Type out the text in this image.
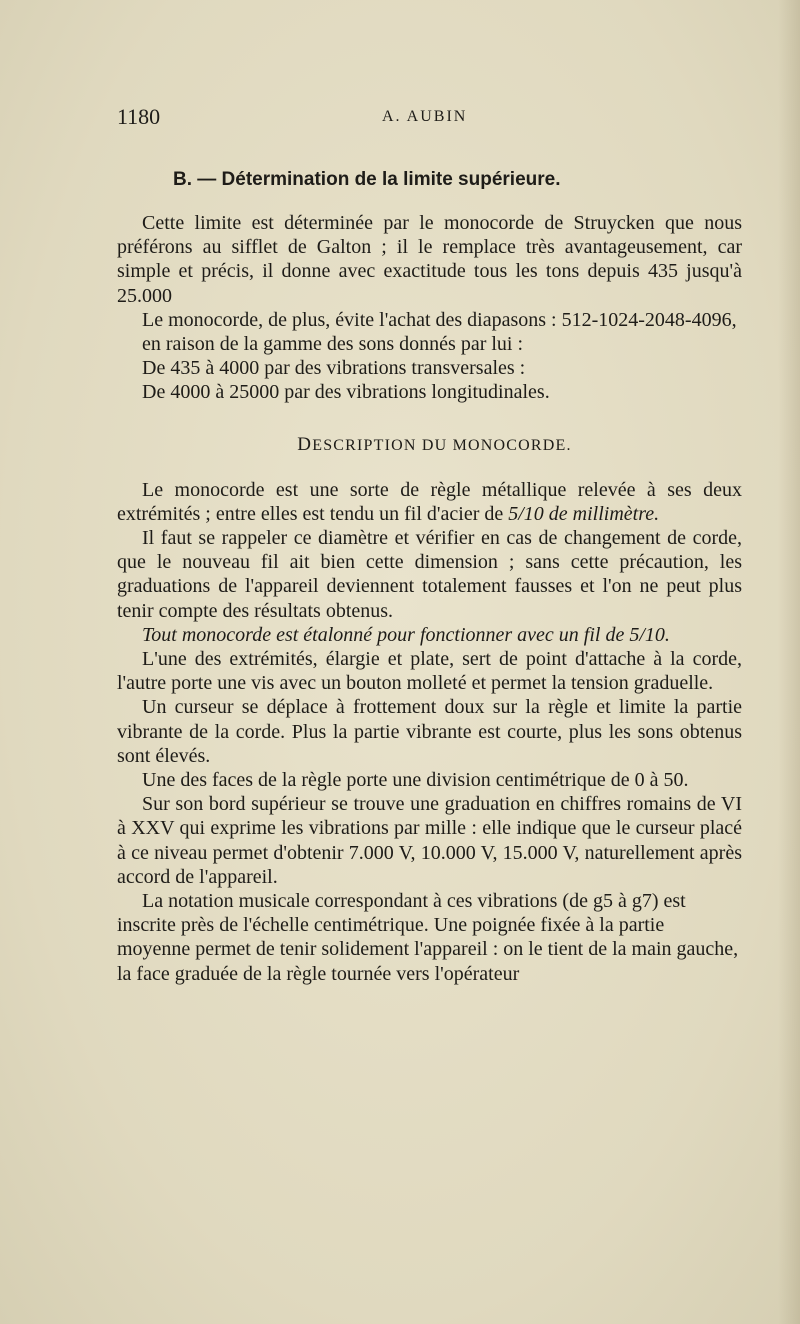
1180	A. AUBIN

B. — Détermination de la limite supérieure.

Cette limite est déterminée par le monocorde de Struycken que nous préférons au sifflet de Galton ; il le remplace très avantageusement, car simple et précis, il donne avec exactitude tous les tons depuis 435 jusqu'à 25.000

Le monocorde, de plus, évite l'achat des diapasons : 512-1024-2048-4096,

en raison de la gamme des sons donnés par lui :

De 435 à 4000 par des vibrations transversales :

De 4000 à 25000 par des vibrations longitudinales.

DESCRIPTION DU MONOCORDE.

Le monocorde est une sorte de règle métallique relevée à ses deux extrémités ; entre elles est tendu un fil d'acier de 5/10 de millimètre.

Il faut se rappeler ce diamètre et vérifier en cas de changement de corde, que le nouveau fil ait bien cette dimension ; sans cette précaution, les graduations de l'appareil deviennent totalement fausses et l'on ne peut plus tenir compte des résultats obtenus.

Tout monocorde est étalonné pour fonctionner avec un fil de 5/10.

L'une des extrémités, élargie et plate, sert de point d'attache à la corde, l'autre porte une vis avec un bouton molleté et permet la tension graduelle.

Un curseur se déplace à frottement doux sur la règle et limite la partie vibrante de la corde. Plus la partie vibrante est courte, plus les sons obtenus sont élevés.

Une des faces de la règle porte une division centimétrique de 0 à 50.

Sur son bord supérieur se trouve une graduation en chiffres romains de VI à XXV qui exprime les vibrations par mille : elle indique que le curseur placé à ce niveau permet d'obtenir 7.000 V, 10.000 V, 15.000 V, naturellement après accord de l'appareil.

La notation musicale correspondant à ces vibrations (de g5 à g7) est inscrite près de l'échelle centimétrique. Une poignée fixée à la partie moyenne permet de tenir solidement l'appareil : on le tient de la main gauche, la face graduée de la règle tournée vers l'opérateur
